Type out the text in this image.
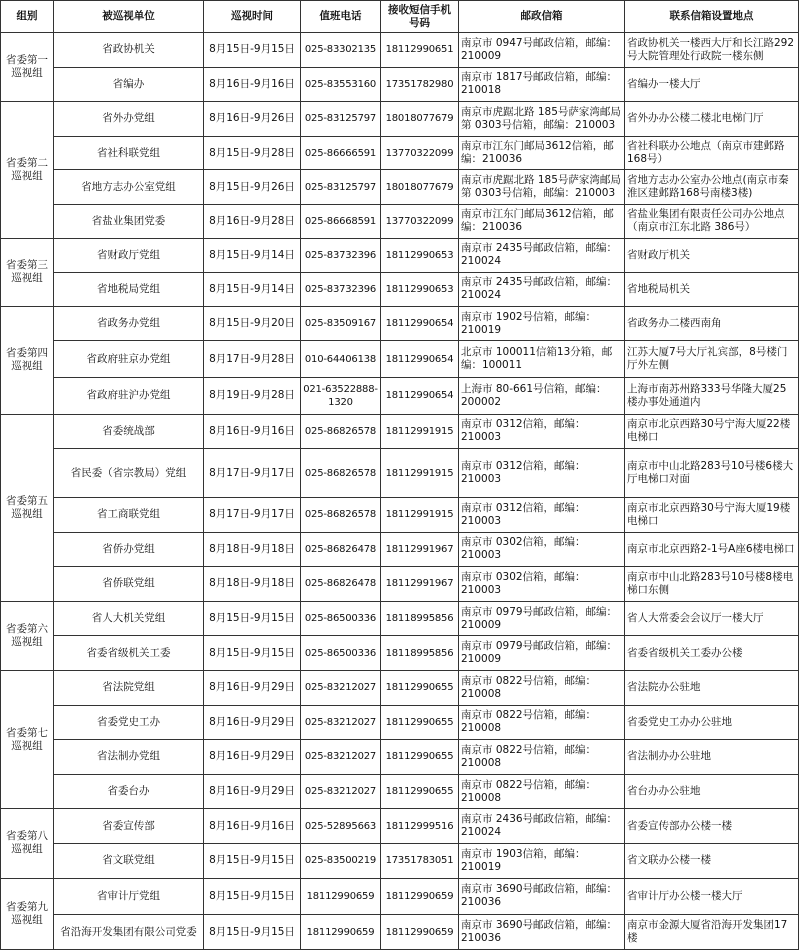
组别	被巡视单位	巡视时间	值班电话	接收短信手机号码	邮政信箱	联系信箱设置地点
省委第一巡视组	省政协机关	8月15日-9月15日	025-83302135	18112990651	南京市 0947号邮政信箱，邮编：210009	省政协机关一楼西大厅和长江路292号大院管理处行政院一楼东侧
	省编办	8月16日-9月16日	025-83553160	17351782980	南京市 1817号邮政信箱，邮编：210018	省编办一楼大厅
省委第二巡视组	省外办党组	8月16日-9月26日	025-83125797	18018077679	南京市虎踞北路 185号萨家湾邮局第 0303号信箱，邮编：210003	省外办办公楼二楼北电梯门厅
	省社科联党组	8月15日-9月28日	025-86666591	13770322099	南京市江东门邮局3612信箱，邮编：210036	省社科联办公地点（南京市建邺路168号）
	省地方志办公室党组	8月15日-9月26日	025-83125797	18018077679	南京市虎踞北路 185号萨家湾邮局第 0303号信箱，邮编：210003	省地方志办公室办公地点(南京市秦淮区建邺路168号南楼3楼)
	省盐业集团党委	8月16日-9月28日	025-86668591	13770322099	南京市江东门邮局3612信箱，邮编：210036	省盐业集团有限责任公司办公地点（南京市江东北路 386号）
省委第三巡视组	省财政厅党组	8月15日-9月14日	025-83732396	18112990653	南京市 2435号邮政信箱，邮编：210024	省财政厅机关
	省地税局党组	8月15日-9月14日	025-83732396	18112990653	南京市 2435号邮政信箱，邮编：210024	省地税局机关
省委第四巡视组	省政务办党组	8月15日-9月20日	025-83509167	18112990654	南京市 1902号信箱，邮编：210019	省政务办二楼西南角
	省政府驻京办党组	8月17日-9月28日	010-64406138	18112990654	北京市 100011信箱13分箱，邮编：100011	江苏大厦7号大厅礼宾部，8号楼门厅外左侧
	省政府驻沪办党组	8月19日-9月28日	021-63522888-1320	18112990654	上海市 80-661号信箱，邮编：200002	上海市南苏州路333号华隆大厦25楼办事处通道内
省委第五巡视组	省委统战部	8月16日-9月16日	025-86826578	18112991915	南京市 0312信箱，邮编：210003	南京市北京西路30号宁海大厦22楼电梯口
	省民委（省宗教局）党组	8月17日-9月17日	025-86826578	18112991915	南京市 0312信箱，邮编：210003	南京市中山北路283号10号楼6楼大厅电梯口对面
	省工商联党组	8月17日-9月17日	025-86826578	18112991915	南京市 0312信箱，邮编：210003	南京市北京西路30号宁海大厦19楼电梯口
	省侨办党组	8月18日-9月18日	025-86826478	18112991967	南京市 0302信箱，邮编：210003	南京市北京西路2-1号A座6楼电梯口
	省侨联党组	8月18日-9月18日	025-86826478	18112991967	南京市 0302信箱，邮编：210003	南京市中山北路283号10号楼8楼电梯口东侧
省委第六巡视组	省人大机关党组	8月15日-9月15日	025-86500336	18118995856	南京市 0979号邮政信箱，邮编：210009	省人大常委会会议厅一楼大厅
	省委省级机关工委	8月15日-9月15日	025-86500336	18118995856	南京市 0979号邮政信箱，邮编：210009	省委省级机关工委办公楼
省委第七巡视组	省法院党组	8月16日-9月29日	025-83212027	18112990655	南京市 0822号信箱，邮编：210008	省法院办公驻地
	省委党史工办	8月16日-9月29日	025-83212027	18112990655	南京市 0822号信箱，邮编：210008	省委党史工办办公驻地
	省法制办党组	8月16日-9月29日	025-83212027	18112990655	南京市 0822号信箱，邮编：210008	省法制办办公驻地
	省委台办	8月16日-9月29日	025-83212027	18112990655	南京市 0822号信箱，邮编：210008	省台办办公驻地
省委第八巡视组	省委宣传部	8月16日-9月16日	025-52895663	18112999516	南京市 2436号邮政信箱，邮编：210024	省委宣传部办公楼一楼
	省文联党组	8月15日-9月15日	025-83500219	17351783051	南京市 1903信箱，邮编：210019	省文联办公楼一楼
省委第九巡视组	省审计厅党组	8月15日-9月15日	18112990659	18112990659	南京市 3690号邮政信箱，邮编：210036	省审计厅办公楼一楼大厅
	省沿海开发集团有限公司党委	8月15日-9月15日	18112990659	18112990659	南京市 3690号邮政信箱，邮编：210036	南京市金源大厦省沿海开发集团17楼
